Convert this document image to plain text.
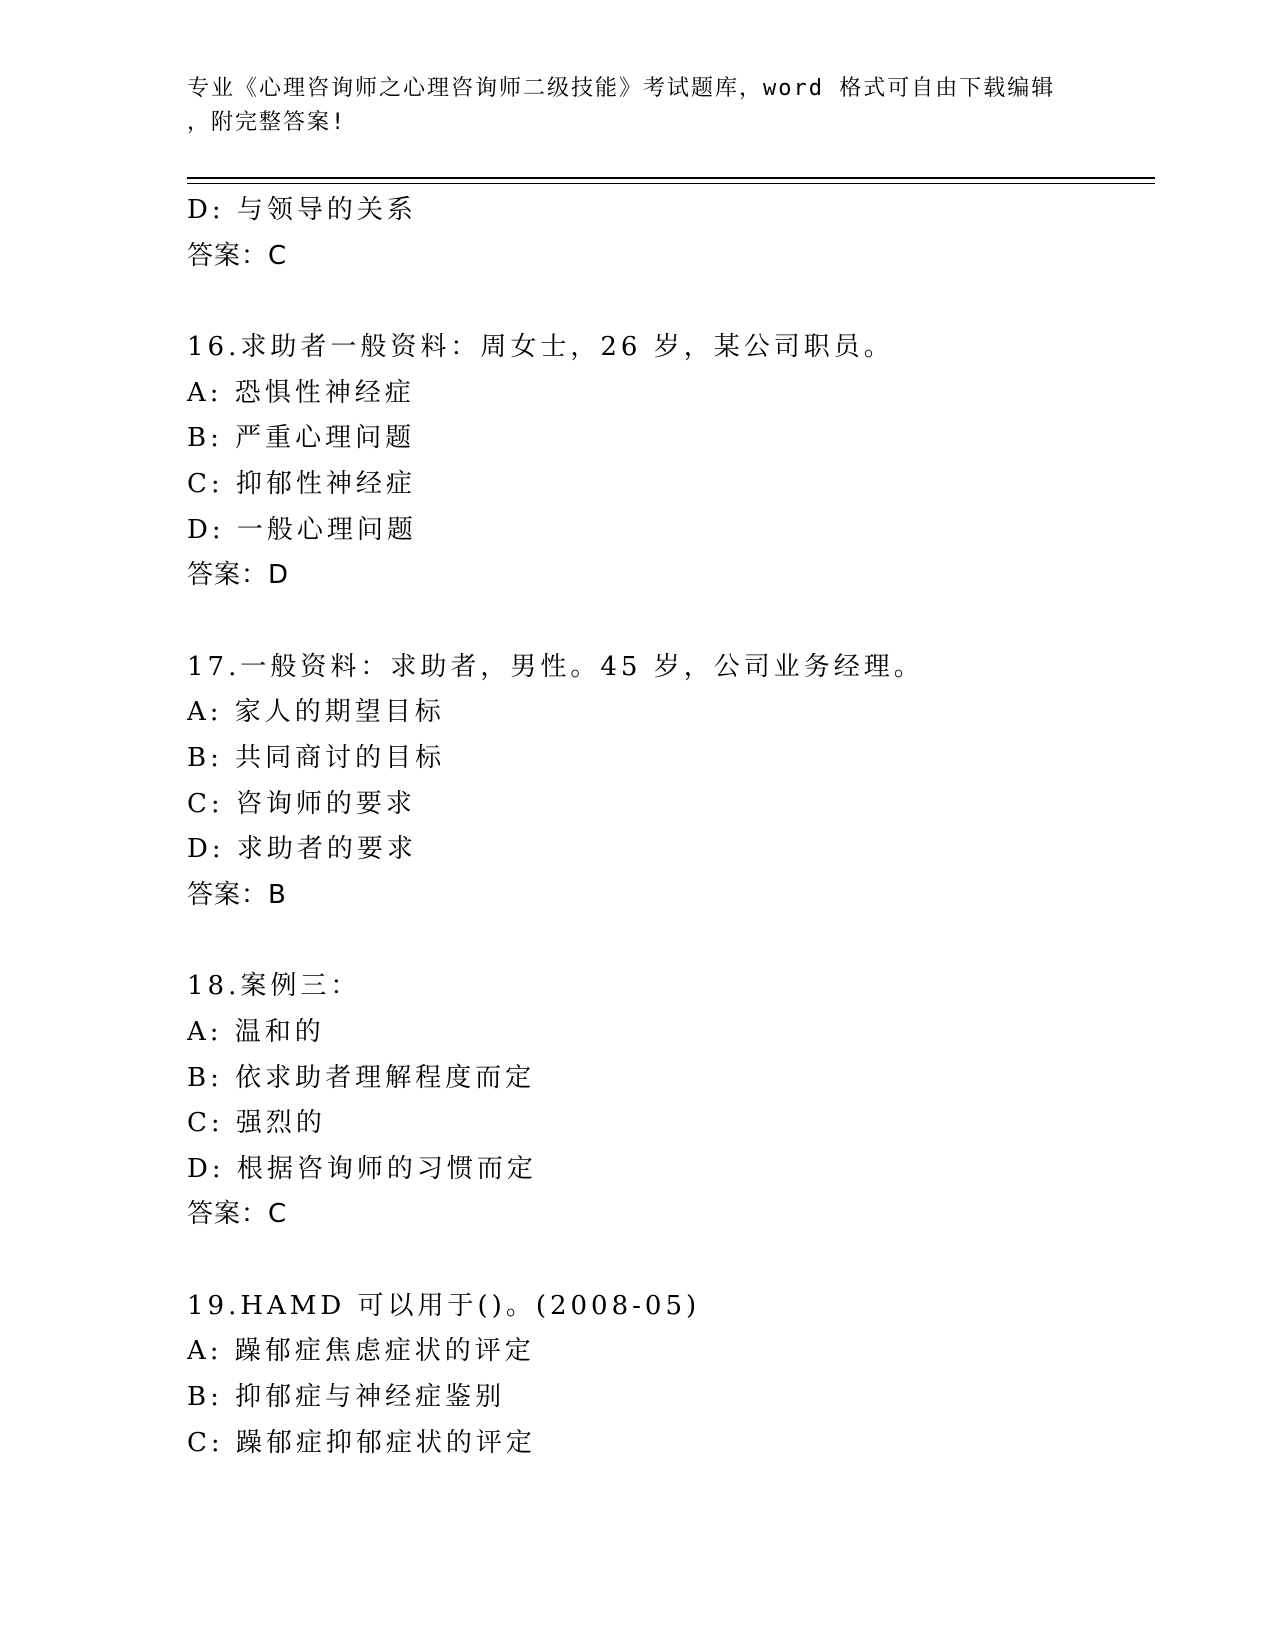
专业《心理咨询师之心理咨询师二级技能》考试题库，word 格式可自由下载编辑
，附完整答案!
D: 与领导的关系
答案：C
16.求助者一般资料：周女士，26 岁，某公司职员。
A: 恐惧性神经症
B: 严重心理问题
C: 抑郁性神经症
D: 一般心理问题
答案：D
17.一般资料：求助者，男性。45 岁，公司业务经理。
A: 家人的期望目标
B: 共同商讨的目标
C: 咨询师的要求
D: 求助者的要求
答案：B
18.案例三：
A: 温和的
B: 依求助者理解程度而定
C: 强烈的
D: 根据咨询师的习惯而定
答案：C
19.HAMD 可以用于()。(2008-05)
A: 躁郁症焦虑症状的评定
B: 抑郁症与神经症鉴别
C: 躁郁症抑郁症状的评定
